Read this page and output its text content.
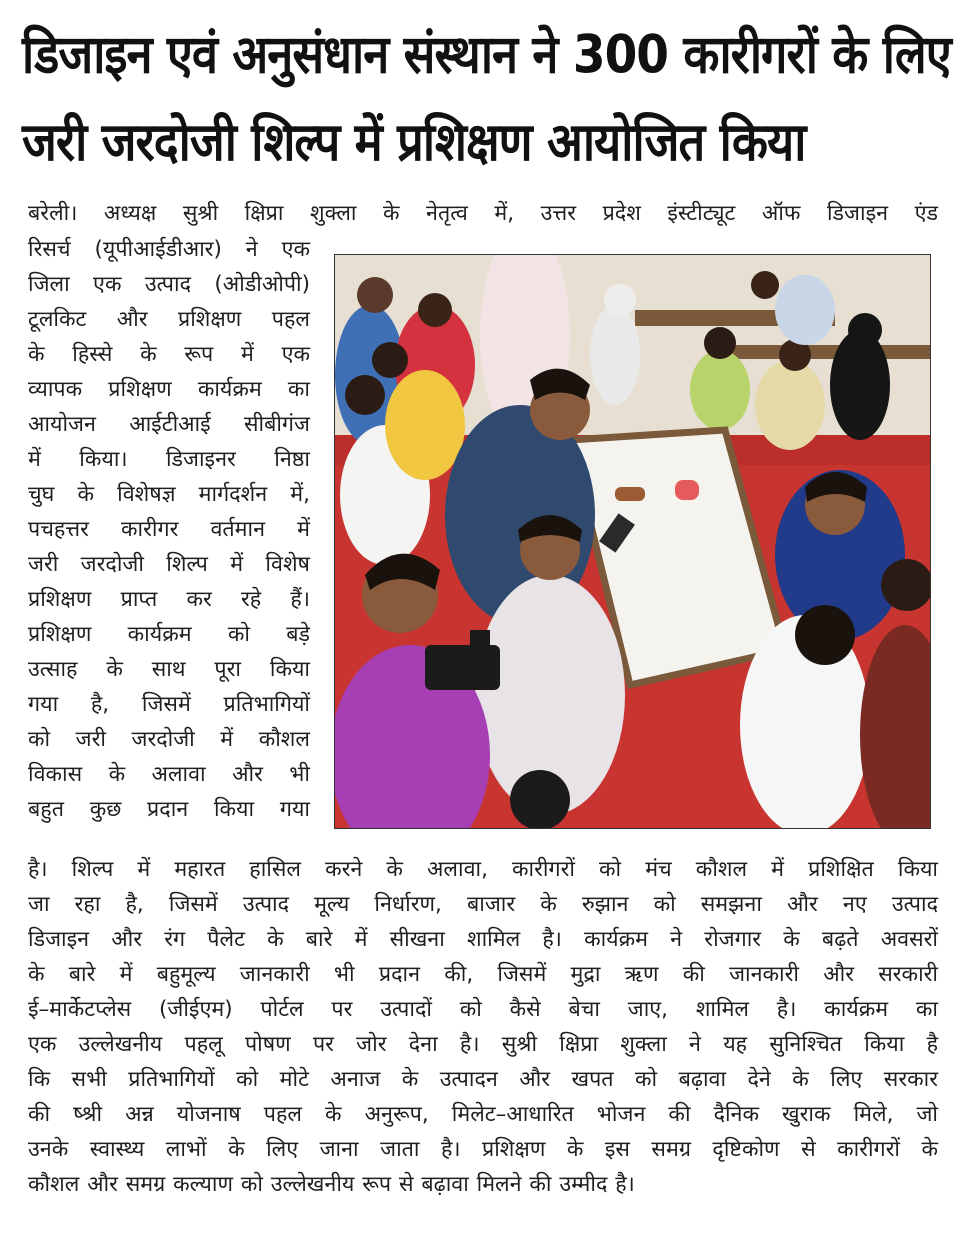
डिजाइन एवं अनुसंधान संस्थान ने 300 कारीगरों के लिए
जरी जरदोजी शिल्प में प्रशिक्षण आयोजित किया
बरेली। अध्यक्ष सुश्री क्षिप्रा शुक्ला के नेतृत्व में, उत्तर प्रदेश इंस्टीट्यूट ऑफ डिजाइन एंड
रिसर्च (यूपीआईडीआर) ने एक
जिला एक उत्पाद (ओडीओपी)
टूलकिट और प्रशिक्षण पहल
के हिस्से के रूप में एक
व्यापक प्रशिक्षण कार्यक्रम का
आयोजन आईटीआई सीबीगंज
में किया। डिजाइनर निष्ठा
चुघ के विशेषज्ञ मार्गदर्शन में,
पचहत्तर कारीगर वर्तमान में
जरी जरदोजी शिल्प में विशेष
प्रशिक्षण प्राप्त कर रहे हैं।
प्रशिक्षण कार्यक्रम को बड़े
उत्साह के साथ पूरा किया
गया है, जिसमें प्रतिभागियों
को जरी जरदोजी में कौशल
विकास के अलावा और भी
बहुत कुछ प्रदान किया गया
है। शिल्प में महारत हासिल करने के अलावा, कारीगरों को मंच कौशल में प्रशिक्षित किया
जा रहा है, जिसमें उत्पाद मूल्य निर्धारण, बाजार के रुझान को समझना और नए उत्पाद
डिजाइन और रंग पैलेट के बारे में सीखना शामिल है। कार्यक्रम ने रोजगार के बढ़ते अवसरों
के बारे में बहुमूल्य जानकारी भी प्रदान की, जिसमें मुद्रा ऋण की जानकारी और सरकारी
ई–मार्केटप्लेस (जीईएम) पोर्टल पर उत्पादों को कैसे बेचा जाए, शामिल है। कार्यक्रम का
एक उल्लेखनीय पहलू पोषण पर जोर देना है। सुश्री क्षिप्रा शुक्ला ने यह सुनिश्चित किया है
कि सभी प्रतिभागियों को मोटे अनाज के उत्पादन और खपत को बढ़ावा देने के लिए सरकार
की ष्श्री अन्न योजनाष पहल के अनुरूप, मिलेट–आधारित भोजन की दैनिक खुराक मिले, जो
उनके स्वास्थ्य लाभों के लिए जाना जाता है। प्रशिक्षण के इस समग्र दृष्टिकोण से कारीगरों के
कौशल और समग्र कल्याण को उल्लेखनीय रूप से बढ़ावा मिलने की उम्मीद है।
